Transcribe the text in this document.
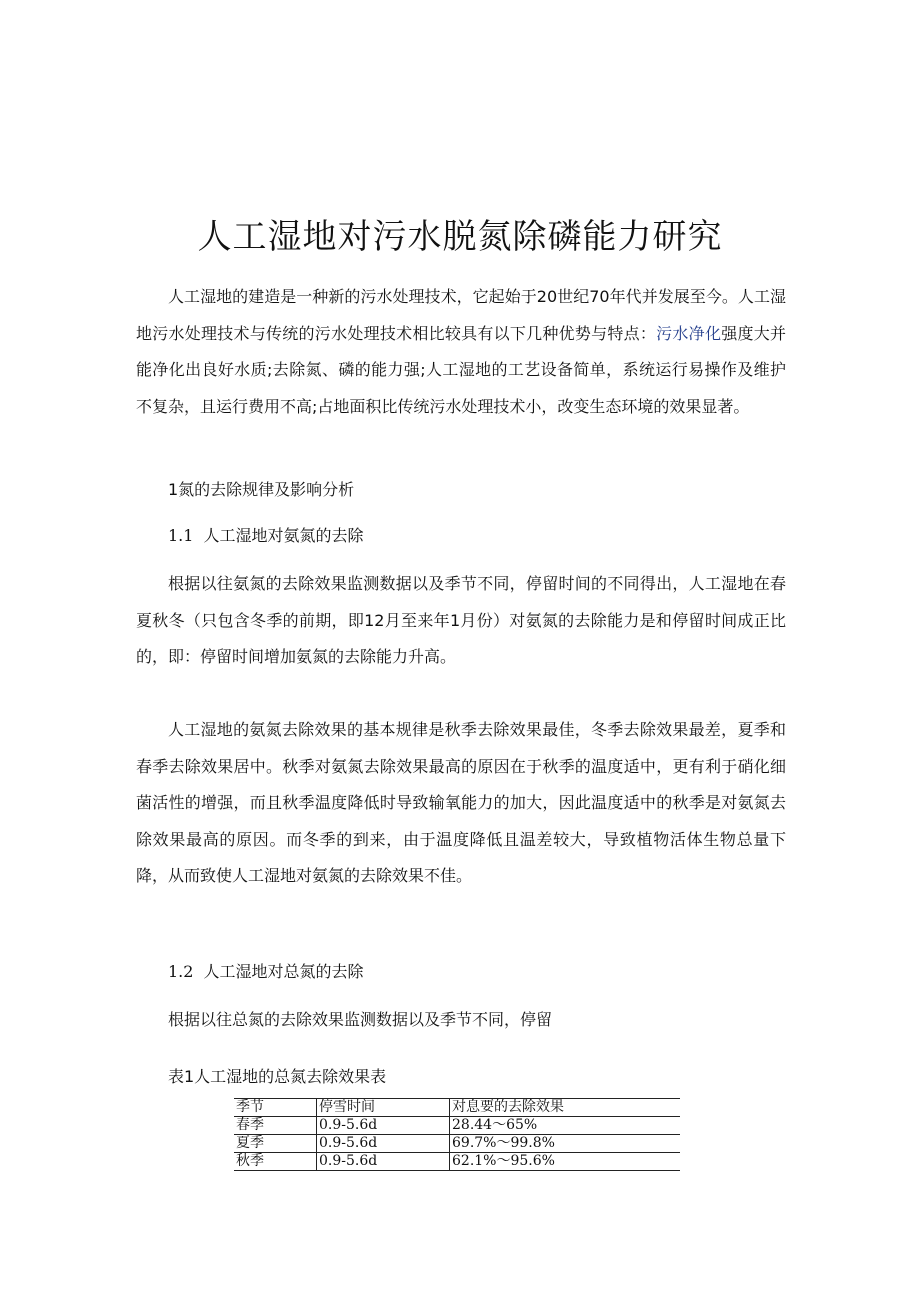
人工湿地对污水脱氮除磷能力研究

人工湿地的建造是一种新的污水处理技术，它起始于20世纪70年代并发展至今。人工湿地污水处理技术与传统的污水处理技术相比较具有以下几种优势与特点：污水净化强度大并能净化出良好水质;去除氮、磷的能力强;人工湿地的工艺设备简单，系统运行易操作及维护不复杂，且运行费用不高;占地面积比传统污水处理技术小，改变生态环境的效果显著。

1氮的去除规律及影响分析

1.1 人工湿地对氨氮的去除

根据以往氨氮的去除效果监测数据以及季节不同，停留时间的不同得出，人工湿地在春夏秋冬（只包含冬季的前期，即12月至来年1月份）对氨氮的去除能力是和停留时间成正比的，即：停留时间增加氨氮的去除能力升高。

人工湿地的氨氮去除效果的基本规律是秋季去除效果最佳，冬季去除效果最差，夏季和春季去除效果居中。秋季对氨氮去除效果最高的原因在于秋季的温度适中，更有利于硝化细菌活性的增强，而且秋季温度降低时导致输氧能力的加大，因此温度适中的秋季是对氨氮去除效果最高的原因。而冬季的到来，由于温度降低且温差较大，导致植物活体生物总量下降，从而致使人工湿地对氨氮的去除效果不佳。

1.2 人工湿地对总氮的去除

根据以往总氮的去除效果监测数据以及季节不同，停留

表1人工湿地的总氮去除效果表

季节	停雪时间	对息要的去除效果
春季	0.9-5.6d	28.44～65%
夏季	0.9-5.6d	69.7%～99.8%
秋季	0.9-5.6d	62.1%～95.6%
